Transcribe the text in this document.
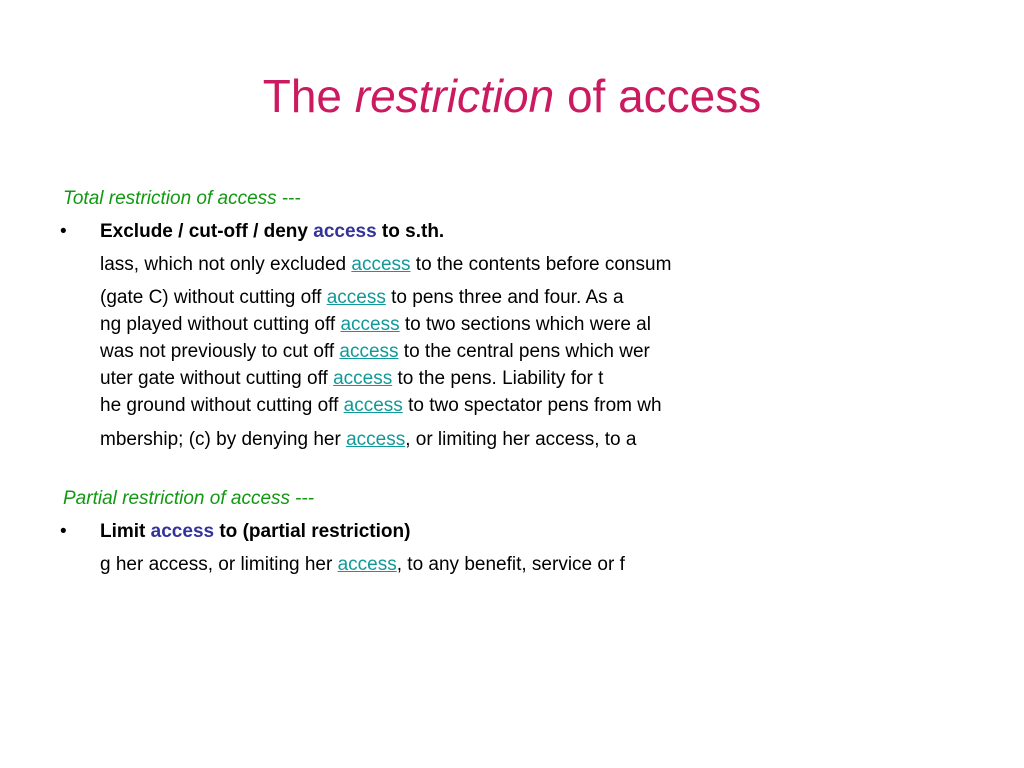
The restriction of access
Total restriction of access ---
•	Exclude / cut-off / deny access to s.th.
lass, which not only excluded access to the contents before consum
(gate C) without cutting off access to pens three and four. As a
ng played without cutting off access to two sections which were al
was not previously to cut off access to the central pens which wer
uter gate without cutting off access to the pens. Liability for t
he ground without cutting off access to two spectator pens from wh
mbership; (c) by denying her access, or limiting her access, to a
Partial restriction of access ---
•	Limit access to (partial restriction)
g her access, or limiting her access, to any benefit, service or f
